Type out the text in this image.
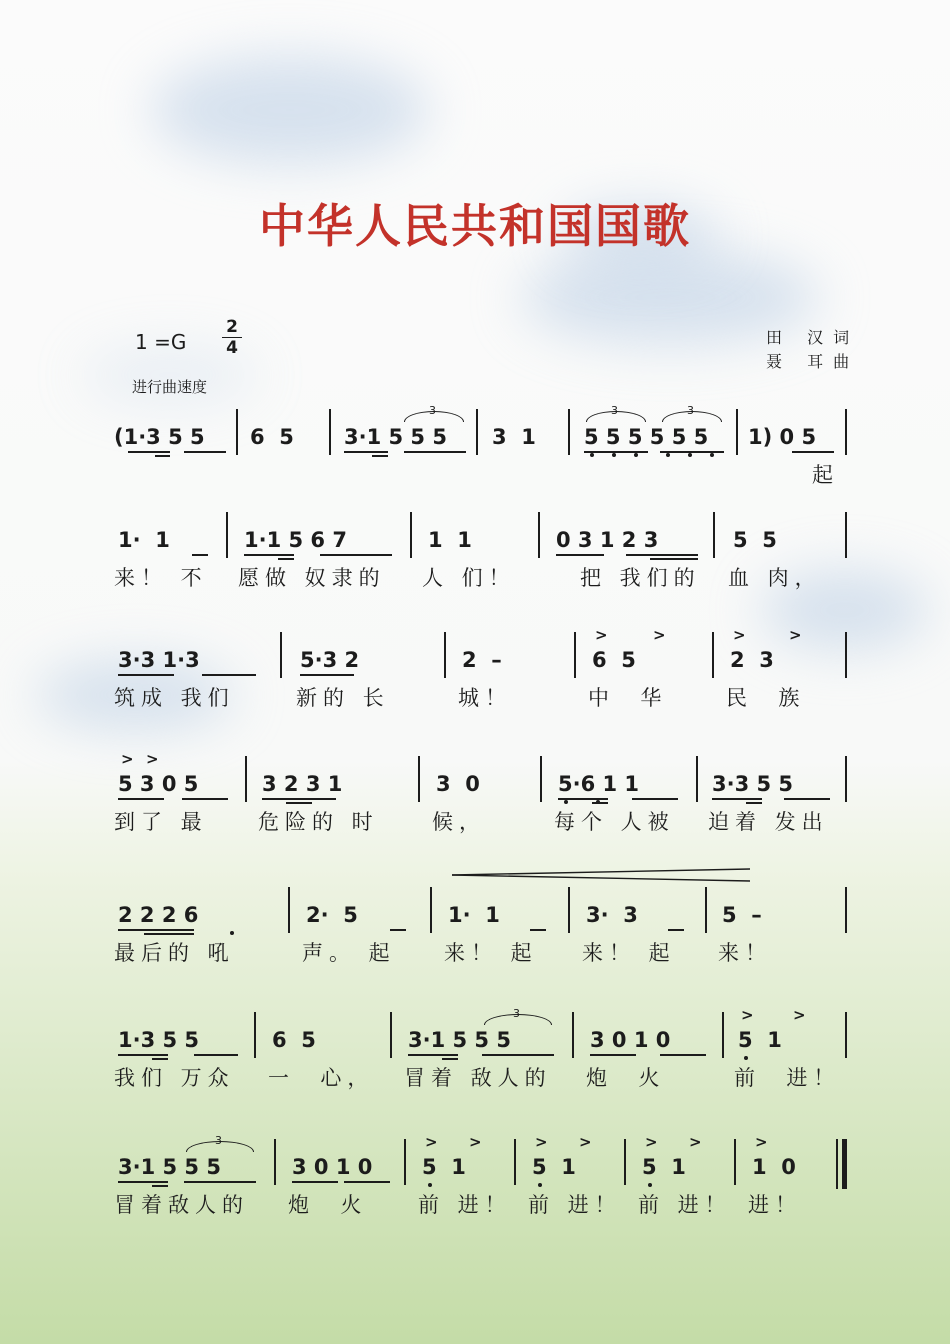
中华人民共和国国歌
1 =G
2
4
进行曲速度
田 汉词
聂 耳曲
(1·3 5 5 6  5 3·1 5 5 5 3  1 5 5 5 5 5 5 1) 0 5
起
3	3	3
1·  1	1·1 5 6 7	1  1	0 3 1 2 3	5  5
来！ 不 愿做 奴隶的 人 们！	把 我们的 血 肉，
3·3 1·3	5·3 2	2  –	6  5	2  3
筑成 我们	新的 长	城！	中  华	民  族
>	>	>	>
5 3 0 5	3 2 3 1	3  0	5·6 1 1	3·3 5 5
到了 最 危险的 时	候，	每个 人被 迫着 发出
> >
2 2 2 6	2·  5	1·  1	3·  3	5  –
最后的 吼	声。 起 来！ 起 来！ 起 来！
1·3 5 5	6  5	3·1 5 5 5	3 0 1 0	5  1
我们 万众 一  心， 冒着 敌人的 炮  火	前  进！
3	>	>
3·1 5 5 5	3 0 1 0 5  1	5  1	5  1	1  0
冒着敌人的 炮  火 前 进！ 前 进！ 前 进！ 进！
3	> >	> >	> >	>
